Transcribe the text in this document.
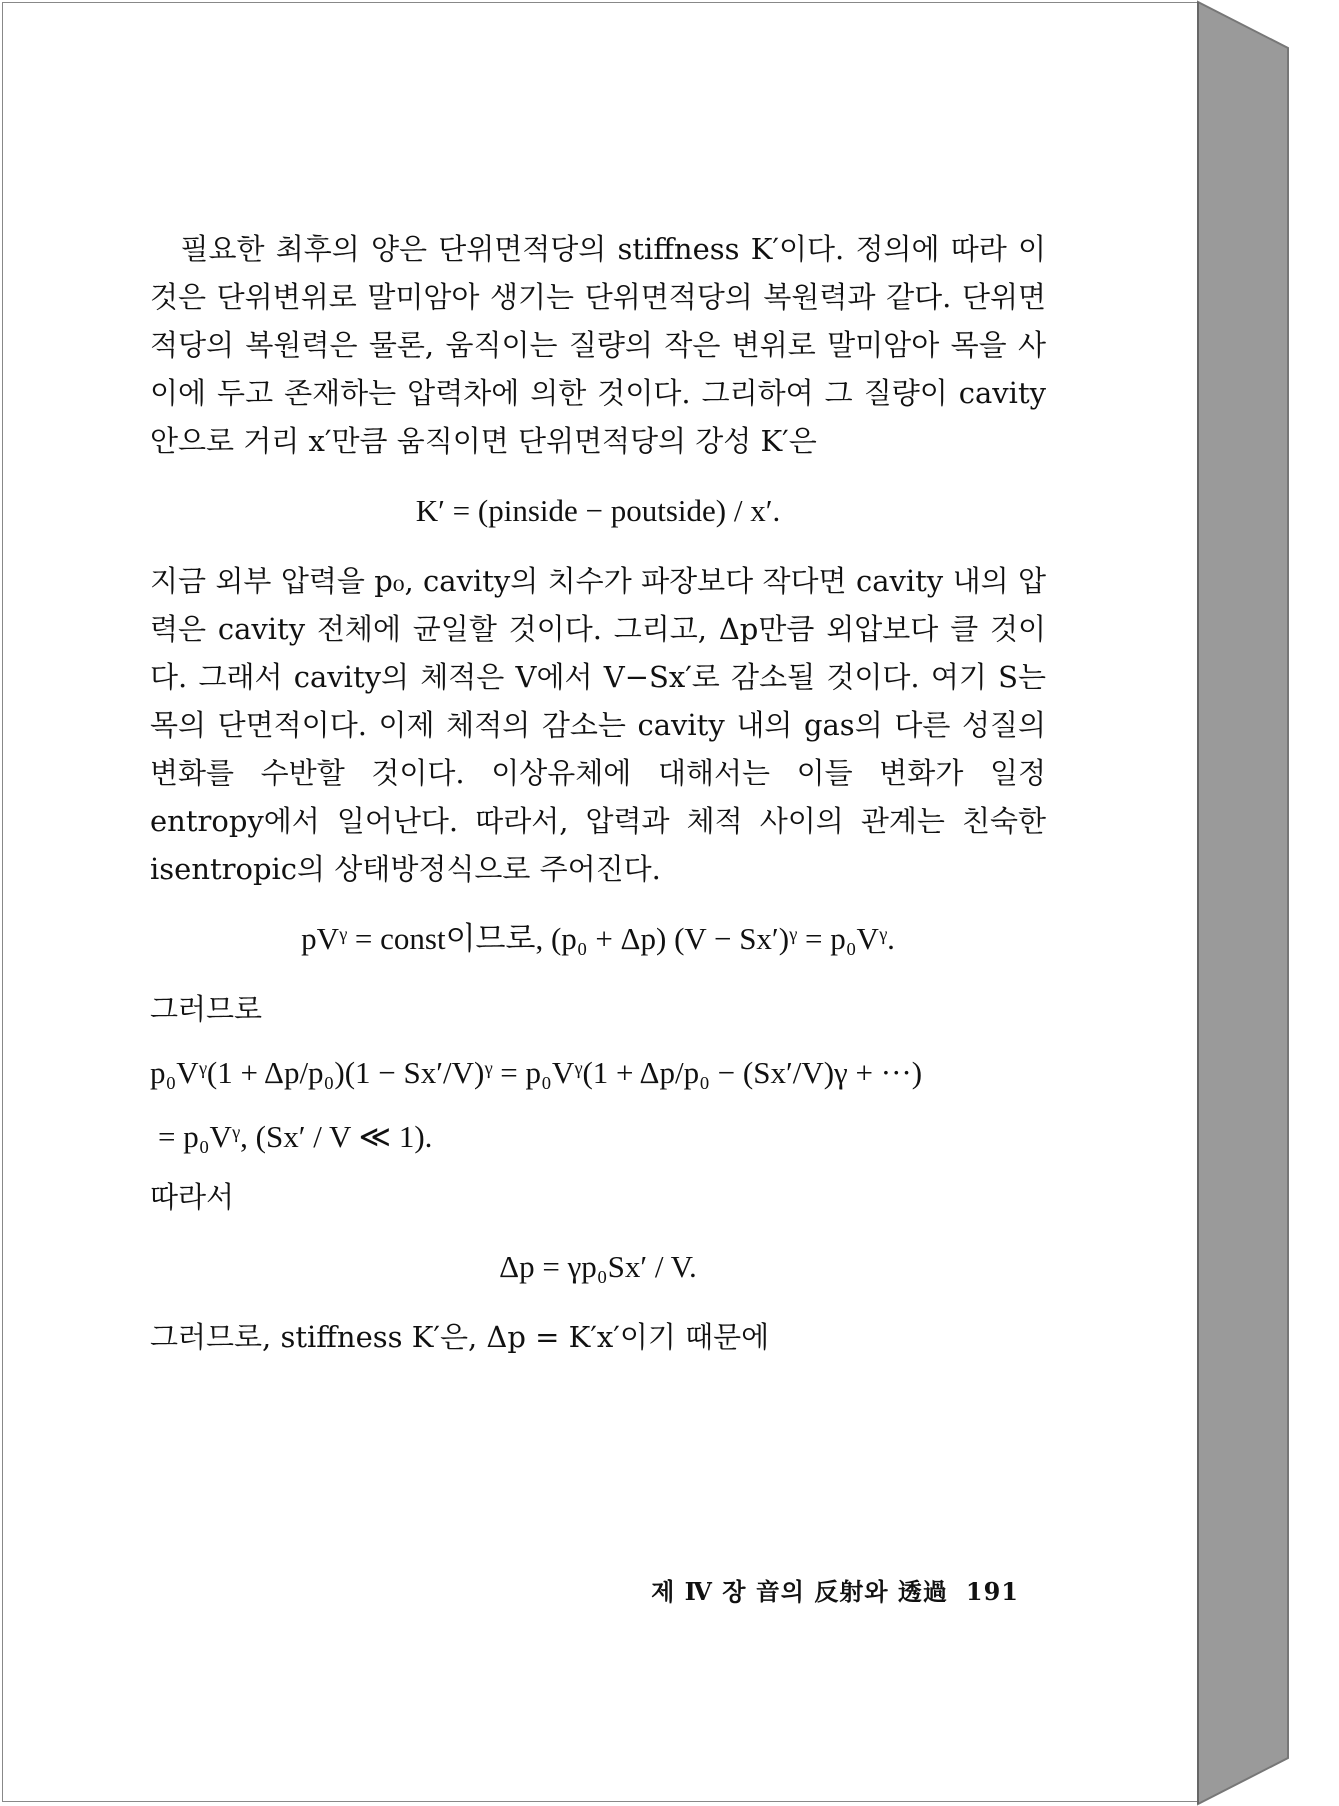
필요한 최후의 양은 단위면적당의 stiffness K′이다. 정의에 따라 이것은 단위변위로 말미암아 생기는 단위면적당의 복원력과 같다. 단위면적당의 복원력은 물론, 움직이는 질량의 작은 변위로 말미암아 목을 사이에 두고 존재하는 압력차에 의한 것이다. 그리하여 그 질량이 cavity 안으로 거리 x′만큼 움직이면 단위면적당의 강성 K′은

K′ = (pinside − poutside) / x′.

지금 외부 압력을 p₀, cavity의 치수가 파장보다 작다면 cavity 내의 압력은 cavity 전체에 균일할 것이다. 그리고, Δp만큼 외압보다 클 것이다. 그래서 cavity의 체적은 V에서 V−Sx′로 감소될 것이다. 여기 S는 목의 단면적이다. 이제 체적의 감소는 cavity 내의 gas의 다른 성질의 변화를 수반할 것이다. 이상유체에 대해서는 이들 변화가 일정 entropy에서 일어난다. 따라서, 압력과 체적 사이의 관계는 친숙한 isentropic의 상태방정식으로 주어진다.

pVᵞ = const이므로, (p₀ + Δp) (V − Sx′)ᵞ = p₀Vᵞ.

그러므로

p₀Vᵞ(1 + Δp/p₀)(1 − Sx′/V)ᵞ = p₀Vᵞ(1 + Δp/p₀ − (Sx′/V)γ + ···)

= p₀Vᵞ, (Sx′ / V ≪ 1).

따라서

Δp = γp₀Sx′ / V.

그러므로, stiffness K′은, Δp = K′x′이기 때문에

제 Ⅳ 장 音의 反射와 透過 191
